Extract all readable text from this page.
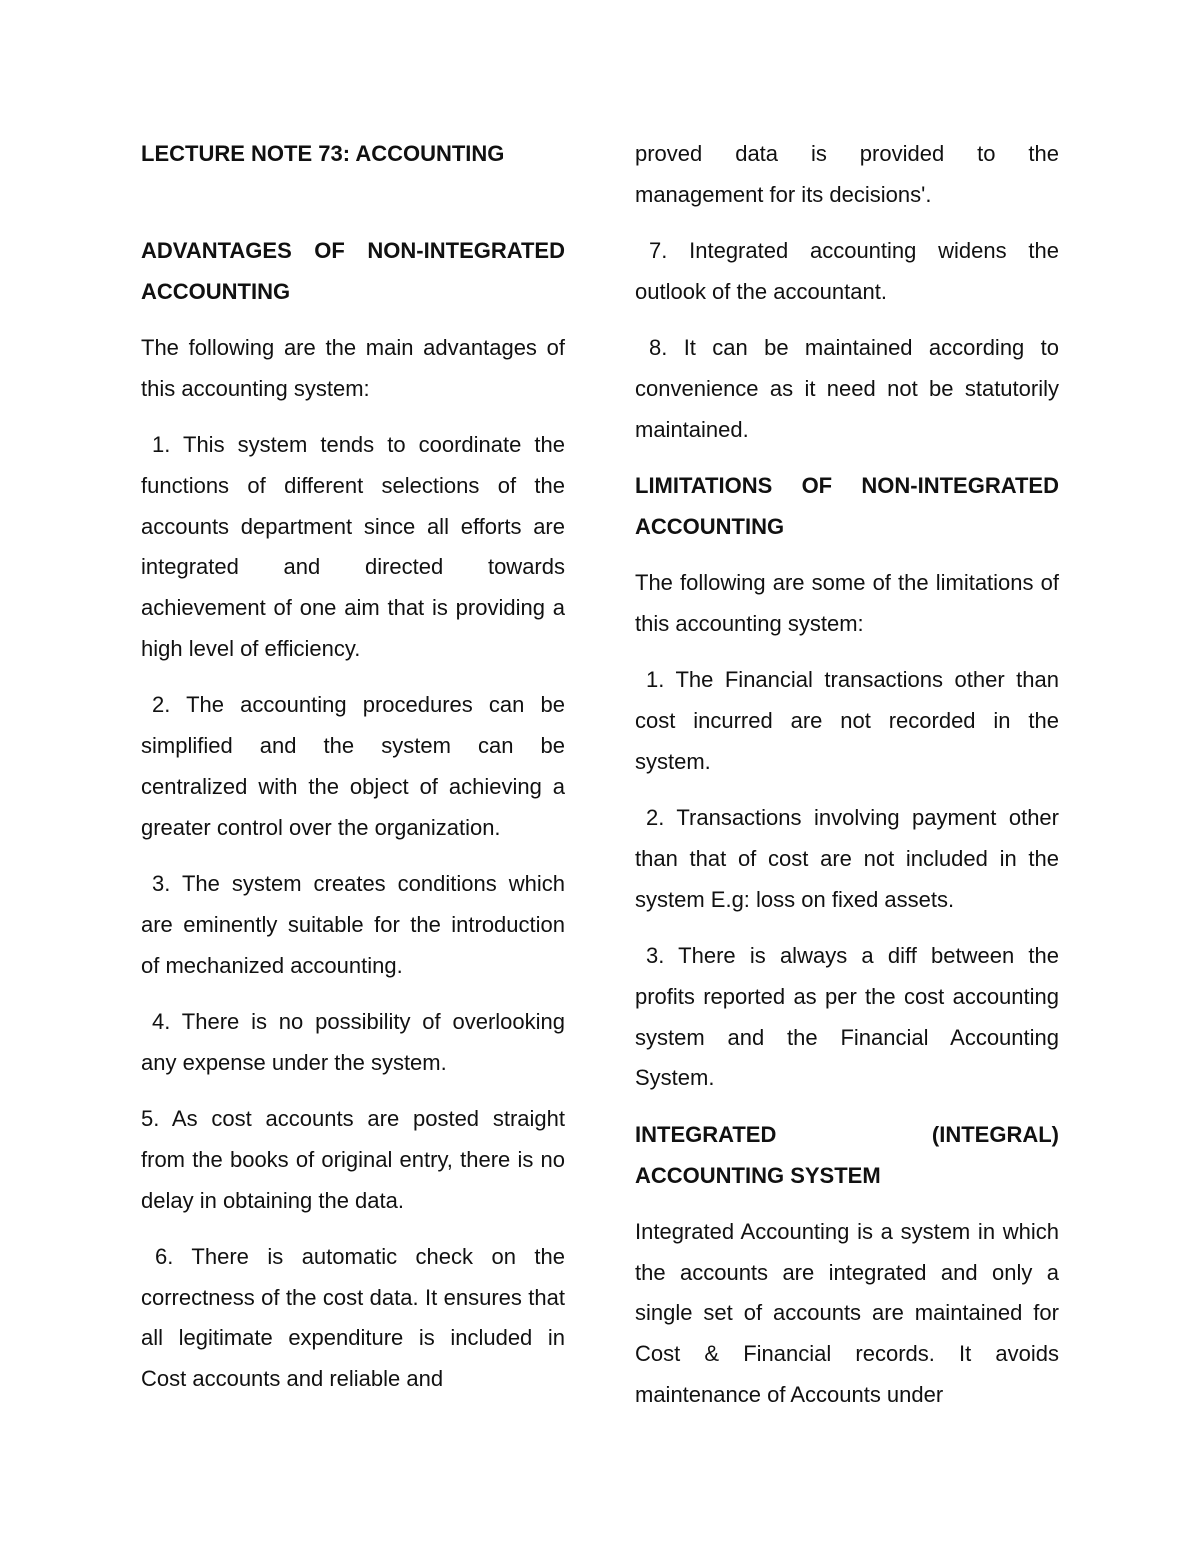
LECTURE NOTE 73: ACCOUNTING

ADVANTAGES OF NON-INTEGRATED ACCOUNTING

The following are the main advantages of this accounting system:

1. This system tends to coordinate the functions of different selections of the accounts department since all efforts are integrated and directed towards achievement of one aim that is providing a high level of efficiency.

2. The accounting procedures can be simplified and the system can be centralized with the object of achieving a greater control over the organization.

3. The system creates conditions which are eminently suitable for the introduction of mechanized accounting.

4. There is no possibility of overlooking any expense under the system.

5. As cost accounts are posted straight from the books of original entry, there is no delay in obtaining the data.

6. There is automatic check on the correctness of the cost data. It ensures that all legitimate expenditure is included in Cost accounts and reliable and

proved data is provided to the management for its decisions'.

7. Integrated accounting widens the outlook of the accountant.

8. It can be maintained according to convenience as it need not be statutorily maintained.

LIMITATIONS OF NON-INTEGRATED ACCOUNTING

The following are some of the limitations of this accounting system:

1. The Financial transactions other than cost incurred are not recorded in the system.

2. Transactions involving payment other than that of cost are not included in the system E.g: loss on fixed assets.

3. There is always a diff between the profits reported as per the cost accounting system and the Financial Accounting System.

INTEGRATED (INTEGRAL) ACCOUNTING SYSTEM

Integrated Accounting is a system in which the accounts are integrated and only a single set of accounts are maintained for Cost & Financial records. It avoids maintenance of Accounts under
